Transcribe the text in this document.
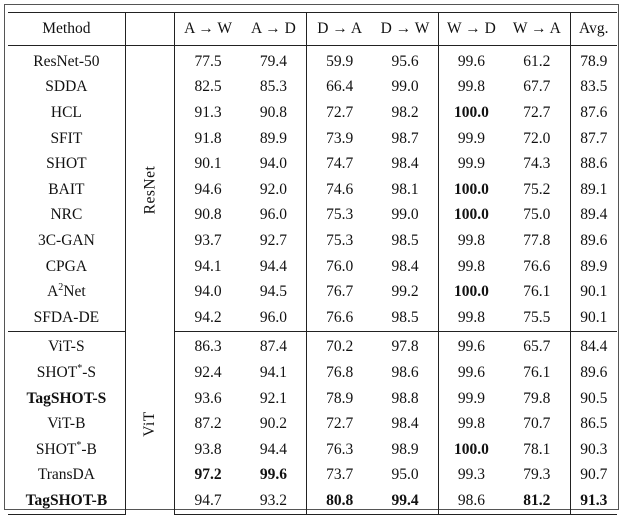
Method		A → W	A → D	D → A	D → W	W → D	W → A	Avg.
ResNet-50	ResNet	77.5	79.4	59.9	95.6	99.6	61.2	78.9
SDDA		82.5	85.3	66.4	99.0	99.8	67.7	83.5
HCL		91.3	90.8	72.7	98.2	100.0	72.7	87.6
SFIT		91.8	89.9	73.9	98.7	99.9	72.0	87.7
SHOT		90.1	94.0	74.7	98.4	99.9	74.3	88.6
BAIT		94.6	92.0	74.6	98.1	100.0	75.2	89.1
NRC		90.8	96.0	75.3	99.0	100.0	75.0	89.4
3C-GAN		93.7	92.7	75.3	98.5	99.8	77.8	89.6
CPGA		94.1	94.4	76.0	98.4	99.8	76.6	89.9
$A^2Net$		94.0	94.5	76.7	99.2	100.0	76.1	90.1
SFDA-DE		94.2	96.0	76.6	98.5	99.8	75.5	90.1
ViT-S	ViT	86.3	87.4	70.2	97.8	99.6	65.7	84.4
SHOT*-S		92.4	94.1	76.8	98.6	99.6	76.1	89.6
TagSHOT-S		93.6	92.1	78.9	98.8	99.9	79.8	90.5
ViT-B		87.2	90.2	72.7	98.4	99.8	70.7	86.5
SHOT*-B		93.8	94.4	76.3	98.9	100.0	78.1	90.3
TransDA		97.2	99.6	73.7	95.0	99.3	79.3	90.7
TagSHOT-B		94.7	93.2	80.8	99.4	98.6	81.2	91.3
